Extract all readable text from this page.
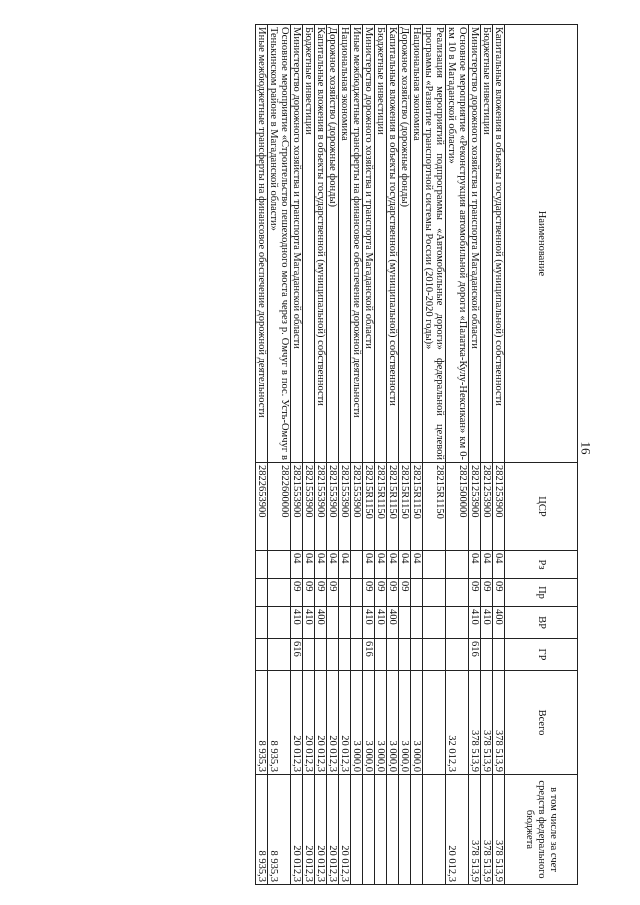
16
Наименование	ЦСР	Рз	Пр	ВР	ГР	Всего	в том числе за счет средств федерального бюджета
Капитальные вложения в объекты государственной (муниципальной) собственности	2821253900	04	09	400		378 513,9	378 513,9
Бюджетные инвестиции	2821253900	04	09	410		378 513,9	378 513,9
Министерство дорожного хозяйства и транспорта Магаданской области	2821253900	04	09	410	616	378 513,9	378 513,9
Основное мероприятие «Реконструкция автомобильной дороги «Палатка-Кулу-Нексикан» км 0-км 10 в Магаданской области»	2821500000					32 012,3	20 012,3
Реализация мероприятий подпрограммы «Автомобильные дороги» федеральной целевой программы «Развитие транспортной системы России (2010-2020 годы)»	28215R1150						
Национальная экономика	28215R1150	04				3 000,0	
Дорожное хозяйство (дорожные фонды)	28215R1150	04	09			3 000,0	
Капитальные вложения в объекты государственной (муниципальной) собственности	28215R1150	04	09	400		3 000,0	
Бюджетные инвестиции	28215R1150	04	09	410		3 000,0	
Министерство дорожного хозяйства и транспорта Магаданской области	28215R1150	04	09	410	616	3 000,0	
Иные межбюджетные трансферты на финансовое обеспечение дорожной деятельности	2821553900					3 000,0	
Национальная экономика	2821553900	04				20 012,3	20 012,3
Дорожное хозяйство (дорожные фонды)	2821553900	04	09			20 012,3	20 012,3
Капитальные вложения в объекты государственной (муниципальной) собственности	2821553900	04	09	400		20 012,3	20 012,3
Бюджетные инвестиции	2821553900	04	09	410		20 012,3	20 012,3
Министерство дорожного хозяйства и транспорта Магаданской области	2821553900	04	09	410	616	20 012,3	20 012,3
Основное мероприятие «Строительство пешеходного моста через р. Омчуг в пос. Усть-Омчуг в Тенькинском районе в Магаданской области»	2822600000					8 935,3	8 935,3
Иные межбюджетные трансферты на финансовое обеспечение дорожной деятельности	2822653900					8 935,3	8 935,3
